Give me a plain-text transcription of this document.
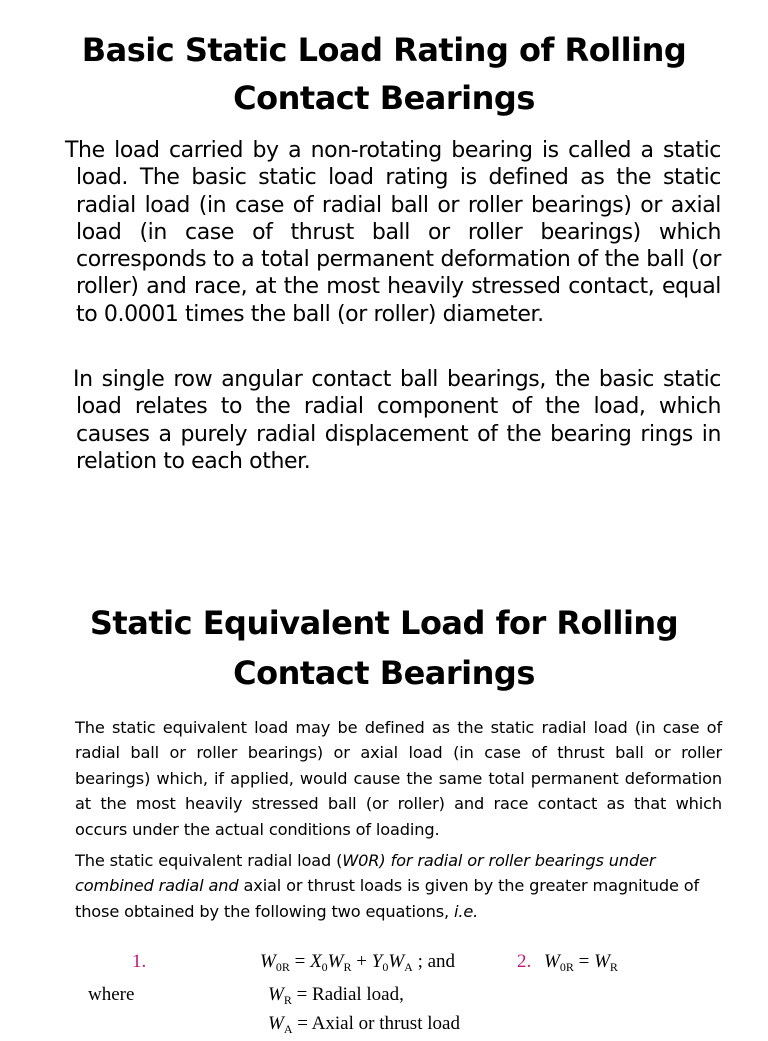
Basic Static Load Rating of Rolling
Contact Bearings

The load carried by a non-rotating bearing is called a static load. The basic static load rating is defined as the static radial load (in case of radial ball or roller bearings) or axial load (in case of thrust ball or roller bearings) which corresponds to a total permanent deformation of the ball (or roller) and race, at the most heavily stressed contact, equal to 0.0001 times the ball (or roller) diameter.

In single row angular contact ball bearings, the basic static load relates to the radial component of the load, which causes a purely radial displacement of the bearing rings in relation to each other.

Static Equivalent Load for Rolling
Contact Bearings

The static equivalent load may be defined as the static radial load (in case of radial ball or roller bearings) or axial load (in case of thrust ball or roller bearings) which, if applied, would cause the same total permanent deformation at the most heavily stressed ball (or roller) and race contact as that which occurs under the actual conditions of loading.

The static equivalent radial load (W0R) for radial or roller bearings under combined radial and axial or thrust loads is given by the greater magnitude of those obtained by the following two equations, i.e.

1.	$W_{0R} = X_0W_R + Y_0W_A$ ; and	2. $W_{0R} = W_R$
where	$W_R$ = Radial load,
$W_A$ = Axial or thrust load
